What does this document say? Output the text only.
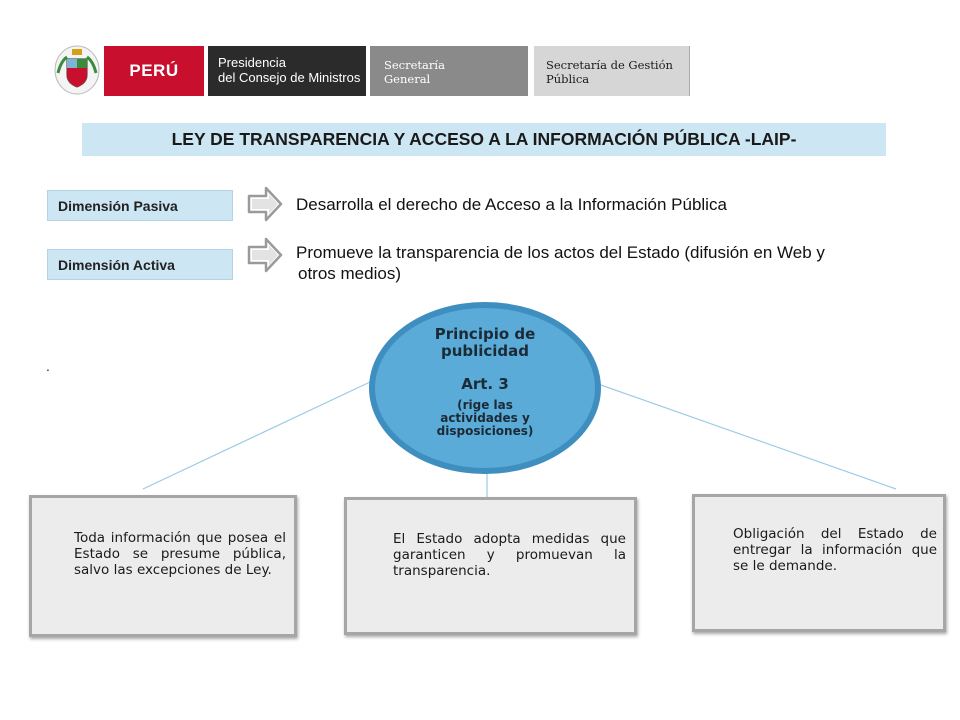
PERÚ	Presidencia
del Consejo de Ministros
Secretaría
General
Secretaría de Gestión
Pública
LEY DE TRANSPARENCIA Y ACCESO A LA INFORMACIÓN PÚBLICA -LAIP-
Dimensión Pasiva	Desarrolla el derecho de Acceso a la Información Pública
Dimensión Activa
Promueve la transparencia de los actos del Estado (difusión en Web y
otros medios)
.
Principio de
publicidad
Art. 3
(rige las
actividades y
disposiciones)
Toda información que posea el Estado se presume pública, salvo las excepciones de Ley.
El Estado adopta medidas que garanticen y promuevan la transparencia.
Obligación del Estado de entregar la información que se le demande.
